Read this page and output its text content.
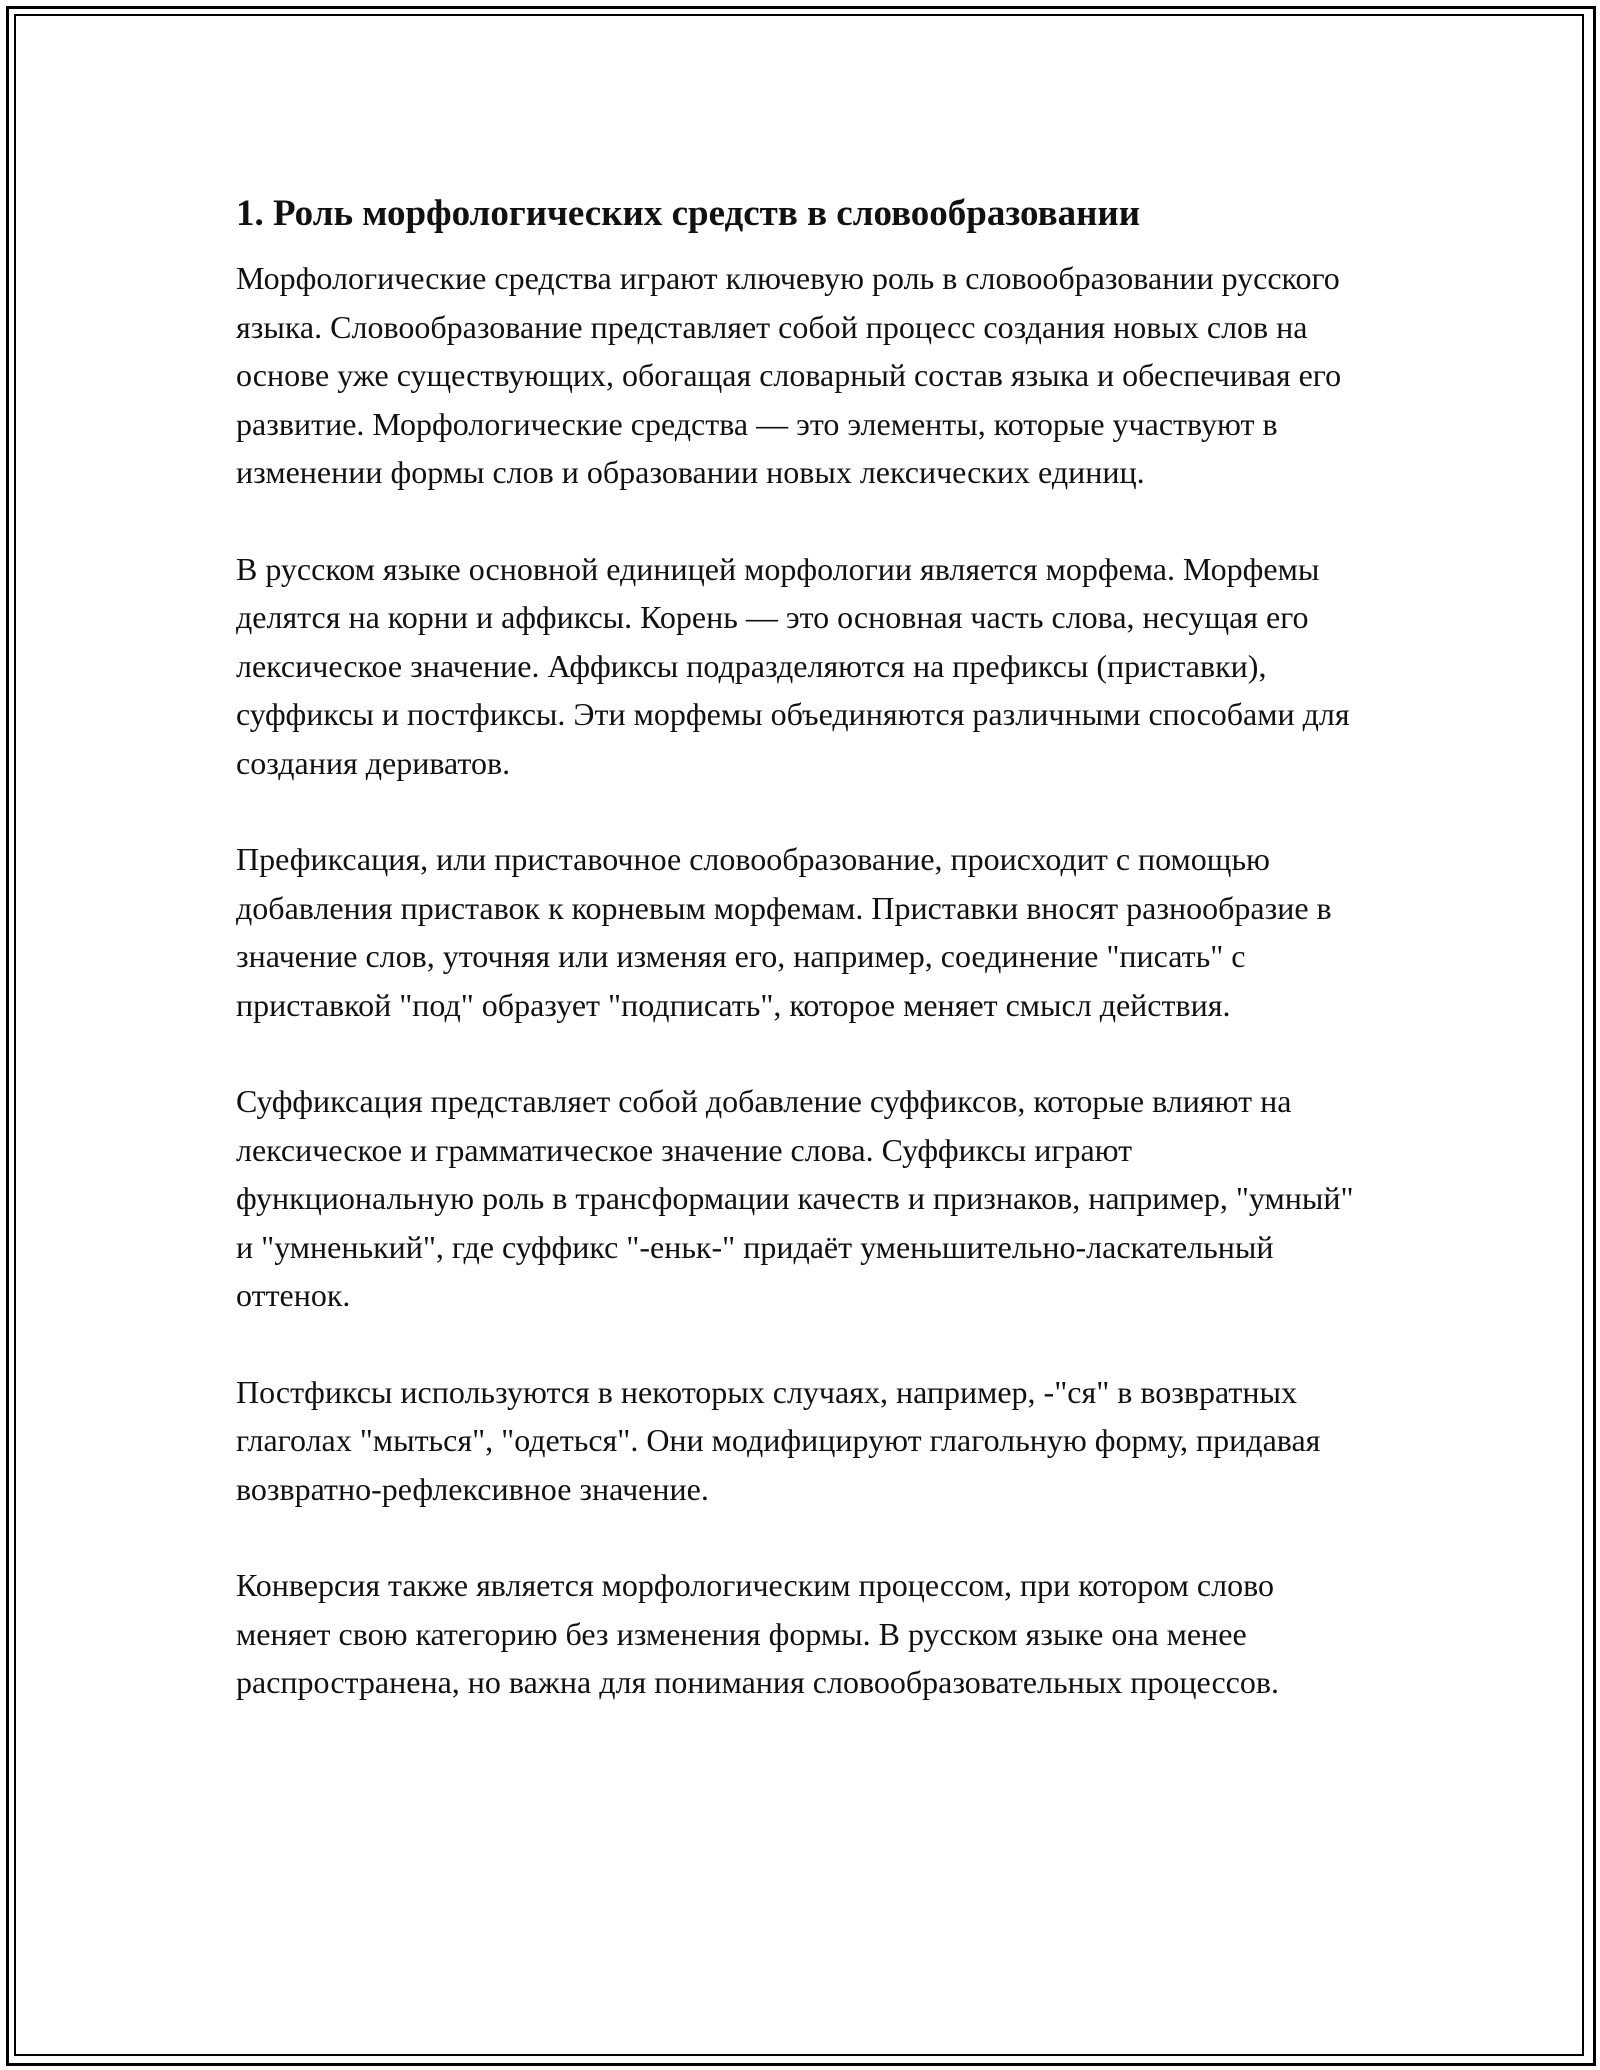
1. Роль морфологических средств в словообразовании

Морфологические средства играют ключевую роль в словообразовании русского языка. Словообразование представляет собой процесс создания новых слов на основе уже существующих, обогащая словарный состав языка и обеспечивая его развитие. Морфологические средства — это элементы, которые участвуют в изменении формы слов и образовании новых лексических единиц.

В русском языке основной единицей морфологии является морфема. Морфемы делятся на корни и аффиксы. Корень — это основная часть слова, несущая его лексическое значение. Аффиксы подразделяются на префиксы (приставки), суффиксы и постфиксы. Эти морфемы объединяются различными способами для создания дериватов.

Префиксация, или приставочное словообразование, происходит с помощью добавления приставок к корневым морфемам. Приставки вносят разнообразие в значение слов, уточняя или изменяя его, например, соединение "писать" с приставкой "под" образует "подписать", которое меняет смысл действия.

Суффиксация представляет собой добавление суффиксов, которые влияют на лексическое и грамматическое значение слова. Суффиксы играют функциональную роль в трансформации качеств и признаков, например, "умный" и "умненький", где суффикс "-еньк-" придаёт уменьшительно-ласкательный оттенок.

Постфиксы используются в некоторых случаях, например, -"ся" в возвратных глаголах "мыться", "одеться". Они модифицируют глагольную форму, придавая возвратно-рефлексивное значение.

Конверсия также является морфологическим процессом, при котором слово меняет свою категорию без изменения формы. В русском языке она менее распространена, но важна для понимания словообразовательных процессов.
